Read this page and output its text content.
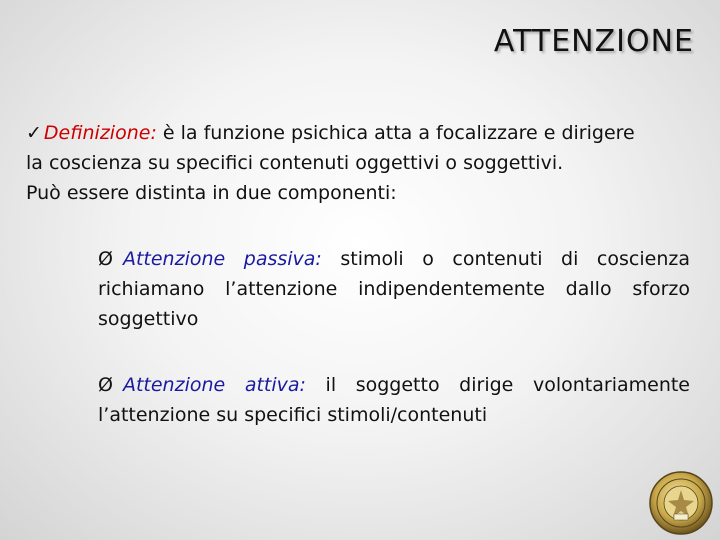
ATTENZIONE

✓ Definizione: è la funzione psichica atta a focalizzare e dirigere
la coscienza su specifici contenuti oggettivi o soggettivi.
Può essere distinta in due componenti:

Ø Attenzione passiva: stimoli o contenuti di coscienza richiamano l’attenzione indipendentemente dallo sforzo soggettivo

Ø Attenzione attiva: il soggetto dirige volontariamente l’attenzione su specifici stimoli/contenuti
